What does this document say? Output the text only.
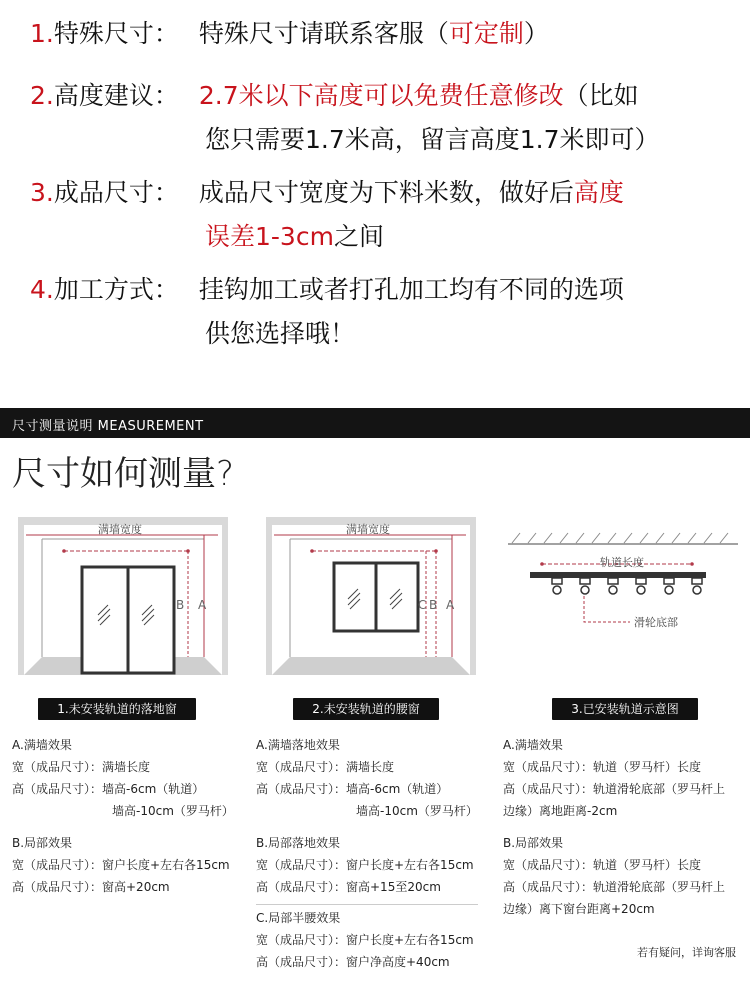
1.特殊尺寸： 特殊尺寸请联系客服（可定制）
2.高度建议： 2.7米以下高度可以免费任意修改（比如
您只需要1.7米高，留言高度1.7米即可）
3.成品尺寸： 成品尺寸宽度为下料米数，做好后高度
误差1-3cm之间
4.加工方式： 挂钩加工或者打孔加工均有不同的选项
供您选择哦！
尺寸测量说明 MEASUREMENT
尺寸如何测量?
满墙宽度
B A
满墙宽度
C B A
轨道长度
滑轮底部
1.未安装轨道的落地窗	2.未安装轨道的腰窗	3.已安装轨道示意图
A.满墙效果
宽（成品尺寸）：满墙长度
高（成品尺寸）：墙高-6cm（轨道）
墙高-10cm（罗马杆）
B.局部效果
宽（成品尺寸）：窗户长度+左右各15cm
高（成品尺寸）：窗高+20cm
A.满墙落地效果
宽（成品尺寸）：满墙长度
高（成品尺寸）：墙高-6cm（轨道）
墙高-10cm（罗马杆）
B.局部落地效果
宽（成品尺寸）：窗户长度+左右各15cm
高（成品尺寸）：窗高+15至20cm
C.局部半腰效果
宽（成品尺寸）：窗户长度+左右各15cm
高（成品尺寸）：窗户净高度+40cm
A.满墙效果
宽（成品尺寸）：轨道（罗马杆）长度
高（成品尺寸）：轨道滑轮底部（罗马杆上
边缘）离地距离-2cm
B.局部效果
宽（成品尺寸）：轨道（罗马杆）长度
高（成品尺寸）：轨道滑轮底部（罗马杆上
边缘）离下窗台距离+20cm
若有疑问，详询客服
